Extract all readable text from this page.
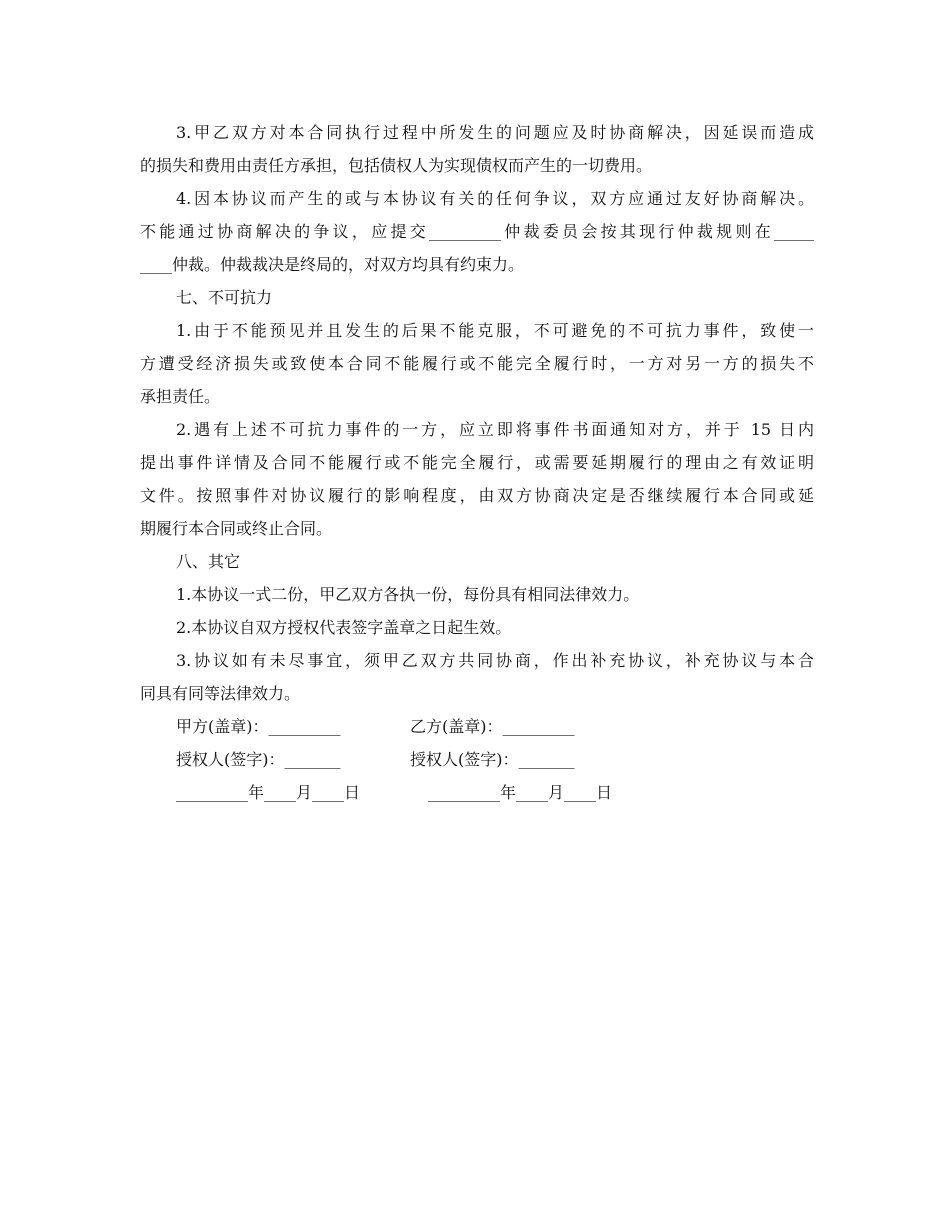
3.甲乙双方对本合同执行过程中所发生的问题应及时协商解决，因延误而造成
的损失和费用由责任方承担，包括债权人为实现债权而产生的一切费用。
4.因本协议而产生的或与本协议有关的任何争议，双方应通过友好协商解决。
不能通过协商解决的争议，应提交_________仲裁委员会按其现行仲裁规则在_____
____仲裁。仲裁裁决是终局的，对双方均具有约束力。
七、不可抗力
1.由于不能预见并且发生的后果不能克服，不可避免的不可抗力事件，致使一
方遭受经济损失或致使本合同不能履行或不能完全履行时，一方对另一方的损失不
承担责任。
2.遇有上述不可抗力事件的一方，应立即将事件书面通知对方，并于 15 日内
提出事件详情及合同不能履行或不能完全履行，或需要延期履行的理由之有效证明
文件。按照事件对协议履行的影响程度，由双方协商决定是否继续履行本合同或延
期履行本合同或终止合同。
八、其它
1.本协议一式二份，甲乙双方各执一份，每份具有相同法律效力。
2.本协议自双方授权代表签字盖章之日起生效。
3.协议如有未尽事宜，须甲乙双方共同协商，作出补充协议，补充协议与本合
同具有同等法律效力。
甲方(盖章)：_________	乙方(盖章)：_________
授权人(签字)：_______	授权人(签字)：_______
_________年____月____日	_________年____月____日
